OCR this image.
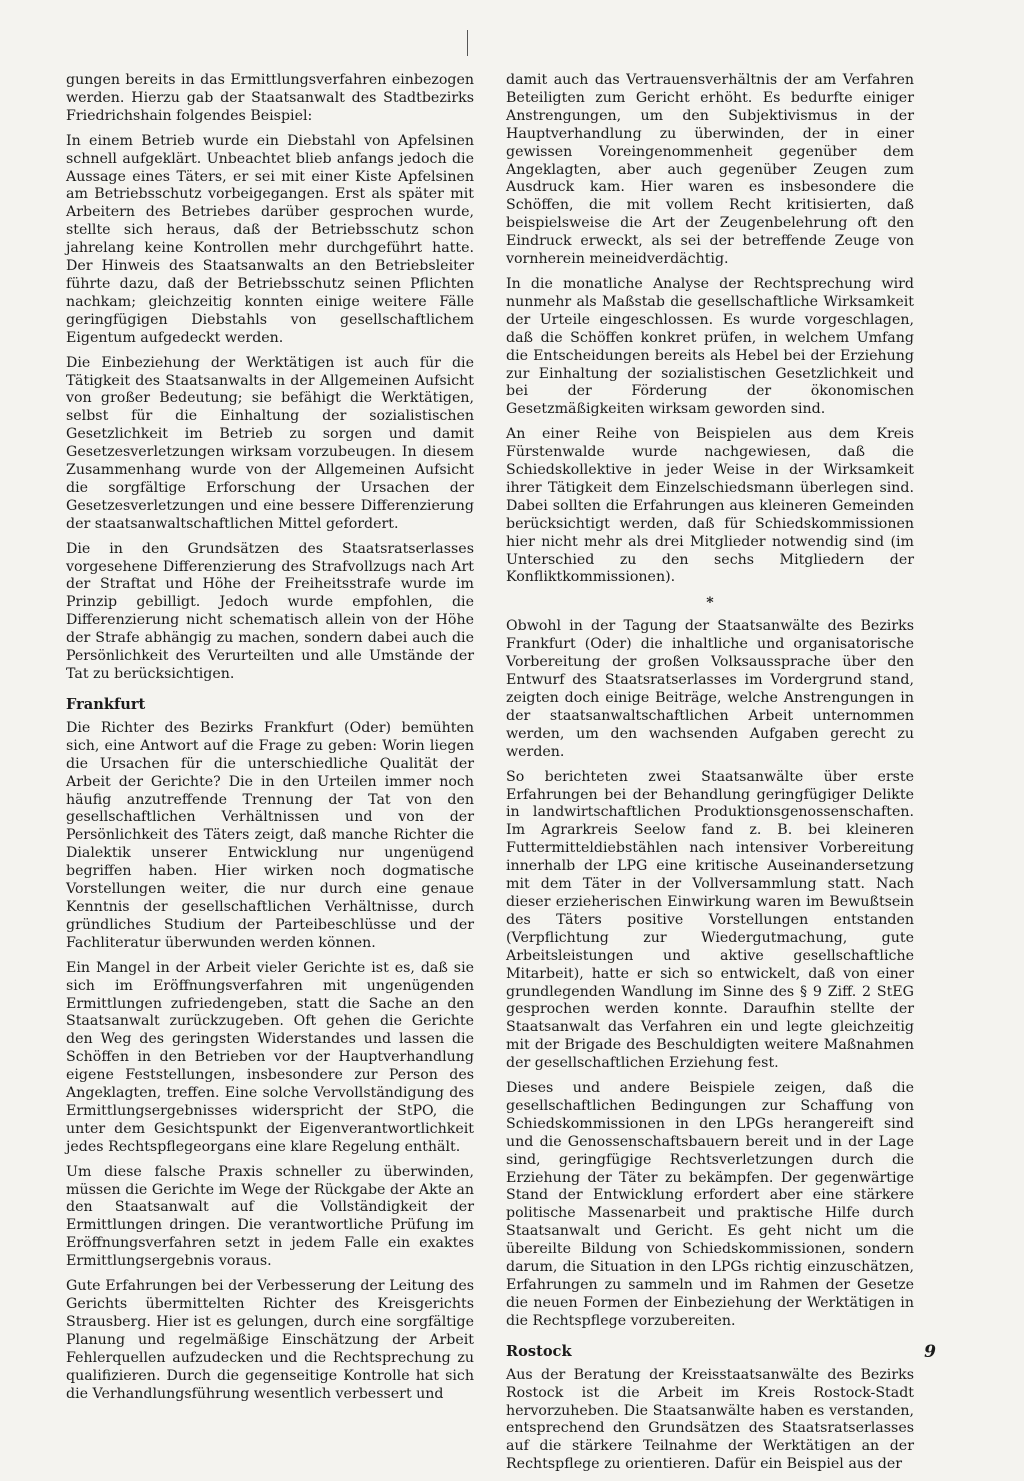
gungen bereits in das Ermittlungsverfahren einbezogen werden. Hierzu gab der Staatsanwalt des Stadtbezirks Friedrichshain folgendes Beispiel:

In einem Betrieb wurde ein Diebstahl von Apfelsinen schnell aufgeklärt. Unbeachtet blieb anfangs jedoch die Aussage eines Täters, er sei mit einer Kiste Apfelsinen am Betriebsschutz vorbeigegangen. Erst als später mit Arbeitern des Betriebes darüber gesprochen wurde, stellte sich heraus, daß der Betriebsschutz schon jahrelang keine Kontrollen mehr durchgeführt hatte. Der Hinweis des Staatsanwalts an den Betriebsleiter führte dazu, daß der Betriebsschutz seinen Pflichten nachkam; gleichzeitig konnten einige weitere Fälle geringfügigen Diebstahls von gesellschaftlichem Eigentum aufgedeckt werden.

Die Einbeziehung der Werktätigen ist auch für die Tätigkeit des Staatsanwalts in der Allgemeinen Aufsicht von großer Bedeutung; sie befähigt die Werktätigen, selbst für die Einhaltung der sozialistischen Gesetzlichkeit im Betrieb zu sorgen und damit Gesetzesverletzungen wirksam vorzubeugen. In diesem Zusammenhang wurde von der Allgemeinen Aufsicht die sorgfältige Erforschung der Ursachen der Gesetzesverletzungen und eine bessere Differenzierung der staatsanwaltschaftlichen Mittel gefordert.

Die in den Grundsätzen des Staatsratserlasses vorgesehene Differenzierung des Strafvollzugs nach Art der Straftat und Höhe der Freiheitsstrafe wurde im Prinzip gebilligt. Jedoch wurde empfohlen, die Differenzierung nicht schematisch allein von der Höhe der Strafe abhängig zu machen, sondern dabei auch die Persönlichkeit des Verurteilten und alle Umstände der Tat zu berücksichtigen.

Frankfurt

Die Richter des Bezirks Frankfurt (Oder) bemühten sich, eine Antwort auf die Frage zu geben: Worin liegen die Ursachen für die unterschiedliche Qualität der Arbeit der Gerichte? Die in den Urteilen immer noch häufig anzutreffende Trennung der Tat von den gesellschaftlichen Verhältnissen und von der Persönlichkeit des Täters zeigt, daß manche Richter die Dialektik unserer Entwicklung nur ungenügend begriffen haben. Hier wirken noch dogmatische Vorstellungen weiter, die nur durch eine genaue Kenntnis der gesellschaftlichen Verhältnisse, durch gründliches Studium der Parteibeschlüsse und der Fachliteratur überwunden werden können.

Ein Mangel in der Arbeit vieler Gerichte ist es, daß sie sich im Eröffnungsverfahren mit ungenügenden Ermittlungen zufriedengeben, statt die Sache an den Staatsanwalt zurückzugeben. Oft gehen die Gerichte den Weg des geringsten Widerstandes und lassen die Schöffen in den Betrieben vor der Hauptverhandlung eigene Feststellungen, insbesondere zur Person des Angeklagten, treffen. Eine solche Vervollständigung des Ermittlungsergebnisses widerspricht der StPO, die unter dem Gesichtspunkt der Eigenverantwortlichkeit jedes Rechtspflegeorgans eine klare Regelung enthält.

Um diese falsche Praxis schneller zu überwinden, müssen die Gerichte im Wege der Rückgabe der Akte an den Staatsanwalt auf die Vollständigkeit der Ermittlungen dringen. Die verantwortliche Prüfung im Eröffnungsverfahren setzt in jedem Falle ein exaktes Ermittlungsergebnis voraus.

Gute Erfahrungen bei der Verbesserung der Leitung des Gerichts übermittelten Richter des Kreisgerichts Strausberg. Hier ist es gelungen, durch eine sorgfältige Planung und regelmäßige Einschätzung der Arbeit Fehlerquellen aufzudecken und die Rechtsprechung zu qualifizieren. Durch die gegenseitige Kontrolle hat sich die Verhandlungsführung wesentlich verbessert und

damit auch das Vertrauensverhältnis der am Verfahren Beteiligten zum Gericht erhöht. Es bedurfte einiger Anstrengungen, um den Subjektivismus in der Hauptverhandlung zu überwinden, der in einer gewissen Voreingenommenheit gegenüber dem Angeklagten, aber auch gegenüber Zeugen zum Ausdruck kam. Hier waren es insbesondere die Schöffen, die mit vollem Recht kritisierten, daß beispielsweise die Art der Zeugenbelehrung oft den Eindruck erweckt, als sei der betreffende Zeuge von vornherein meineidverdächtig.

In die monatliche Analyse der Rechtsprechung wird nunmehr als Maßstab die gesellschaftliche Wirksamkeit der Urteile eingeschlossen. Es wurde vorgeschlagen, daß die Schöffen konkret prüfen, in welchem Umfang die Entscheidungen bereits als Hebel bei der Erziehung zur Einhaltung der sozialistischen Gesetzlichkeit und bei der Förderung der ökonomischen Gesetzmäßigkeiten wirksam geworden sind.

An einer Reihe von Beispielen aus dem Kreis Fürstenwalde wurde nachgewiesen, daß die Schiedskollektive in jeder Weise in der Wirksamkeit ihrer Tätigkeit dem Einzelschiedsmann überlegen sind. Dabei sollten die Erfahrungen aus kleineren Gemeinden berücksichtigt werden, daß für Schiedskommissionen hier nicht mehr als drei Mitglieder notwendig sind (im Unterschied zu den sechs Mitgliedern der Konfliktkommissionen).

*

Obwohl in der Tagung der Staatsanwälte des Bezirks Frankfurt (Oder) die inhaltliche und organisatorische Vorbereitung der großen Volksaussprache über den Entwurf des Staatsratserlasses im Vordergrund stand, zeigten doch einige Beiträge, welche Anstrengungen in der staatsanwaltschaftlichen Arbeit unternommen werden, um den wachsenden Aufgaben gerecht zu werden.

So berichteten zwei Staatsanwälte über erste Erfahrungen bei der Behandlung geringfügiger Delikte in landwirtschaftlichen Produktionsgenossenschaften. Im Agrarkreis Seelow fand z. B. bei kleineren Futtermitteldiebstählen nach intensiver Vorbereitung innerhalb der LPG eine kritische Auseinandersetzung mit dem Täter in der Vollversammlung statt. Nach dieser erzieherischen Einwirkung waren im Bewußtsein des Täters positive Vorstellungen entstanden (Verpflichtung zur Wiedergutmachung, gute Arbeitsleistungen und aktive gesellschaftliche Mitarbeit), hatte er sich so entwickelt, daß von einer grundlegenden Wandlung im Sinne des § 9 Ziff. 2 StEG gesprochen werden konnte. Daraufhin stellte der Staatsanwalt das Verfahren ein und legte gleichzeitig mit der Brigade des Beschuldigten weitere Maßnahmen der gesellschaftlichen Erziehung fest.

Dieses und andere Beispiele zeigen, daß die gesellschaftlichen Bedingungen zur Schaffung von Schiedskommissionen in den LPGs herangereift sind und die Genossenschaftsbauern bereit und in der Lage sind, geringfügige Rechtsverletzungen durch die Erziehung der Täter zu bekämpfen. Der gegenwärtige Stand der Entwicklung erfordert aber eine stärkere politische Massenarbeit und praktische Hilfe durch Staatsanwalt und Gericht. Es geht nicht um die übereilte Bildung von Schiedskommissionen, sondern darum, die Situation in den LPGs richtig einzuschätzen, Erfahrungen zu sammeln und im Rahmen der Gesetze die neuen Formen der Einbeziehung der Werktätigen in die Rechtspflege vorzubereiten.

Rostock

Aus der Beratung der Kreisstaatsanwälte des Bezirks Rostock ist die Arbeit im Kreis Rostock-Stadt hervorzuheben. Die Staatsanwälte haben es verstanden, entsprechend den Grundsätzen des Staatsratserlasses auf die stärkere Teilnahme der Werktätigen an der Rechtspflege zu orientieren. Dafür ein Beispiel aus der

9
